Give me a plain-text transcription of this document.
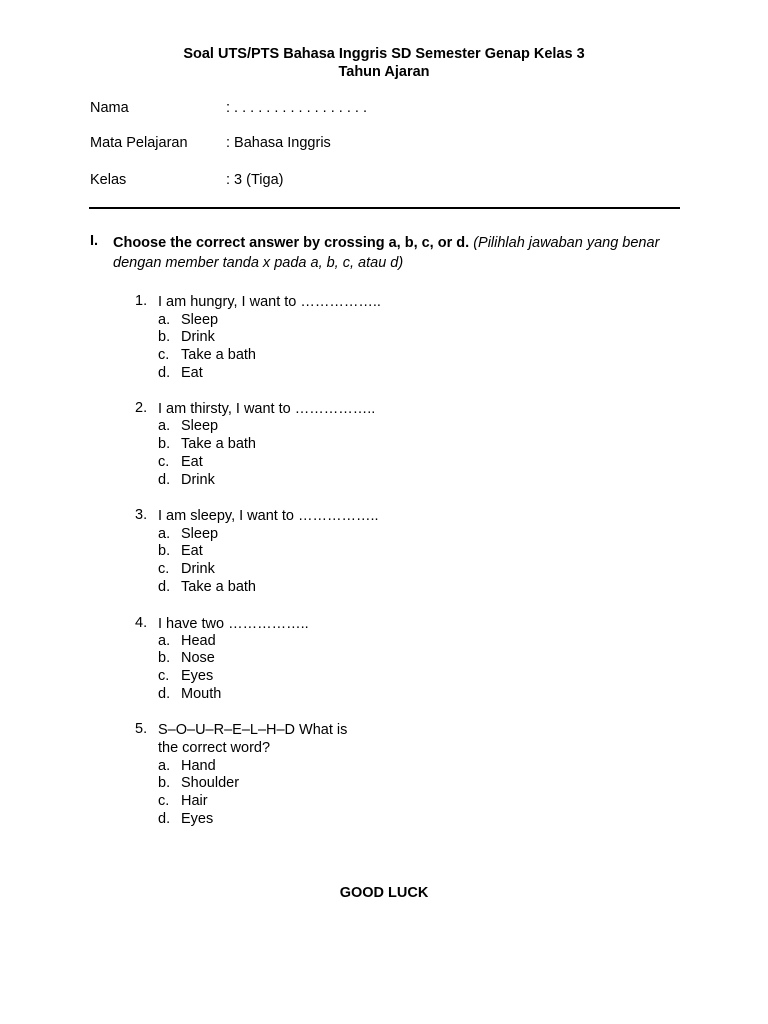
Soal UTS/PTS Bahasa Inggris SD Semester Genap Kelas 3
Tahun Ajaran
Nama	: . . . . . . . . . . . . . . . . .
Mata Pelajaran	: Bahasa Inggris
Kelas	: 3 (Tiga)
I. Choose the correct answer by crossing a, b, c, or d. (Pilihlah jawaban yang benar dengan member tanda x pada a, b, c, atau d)
1. I am hungry, I want to ……………..
a. Sleep
b. Drink
c. Take a bath
d. Eat
2. I am thirsty, I want to ……………..
a. Sleep
b. Take a bath
c. Eat
d. Drink
3. I am sleepy, I want to ……………..
a. Sleep
b. Eat
c. Drink
d. Take a bath
4. I have two ……………..
a. Head
b. Nose
c. Eyes
d. Mouth
5. S–O–U–R–E–L–H–D What is the correct word?
a. Hand
b. Shoulder
c. Hair
d. Eyes
GOOD LUCK
